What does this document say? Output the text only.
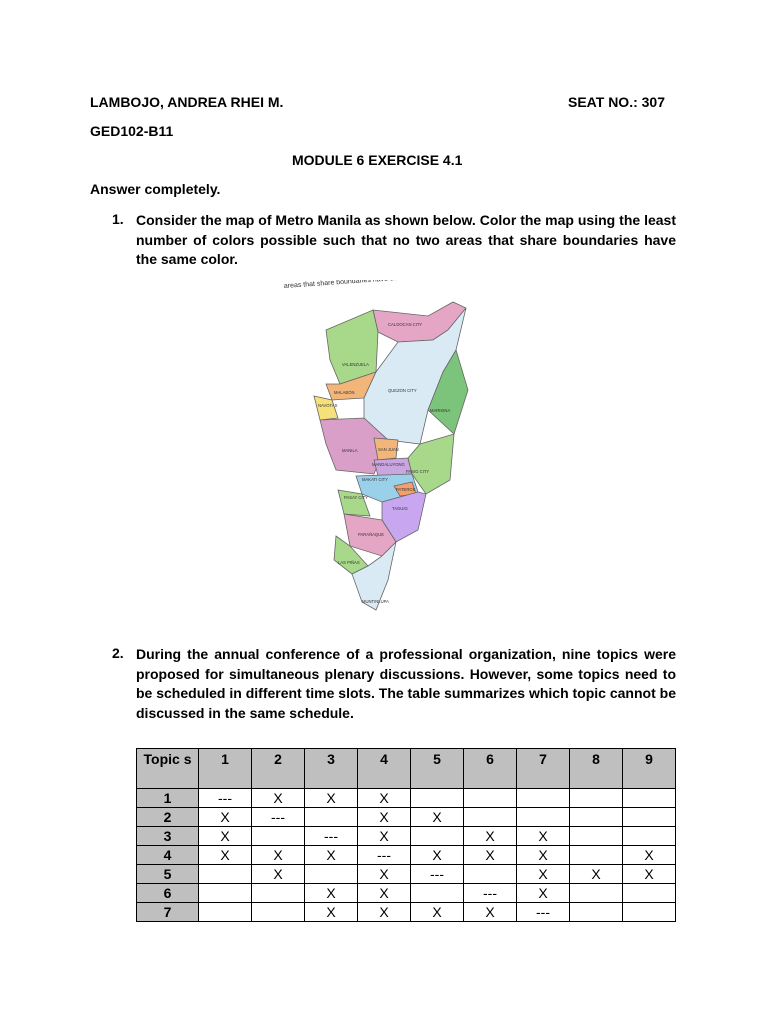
LAMBOJO, ANDREA RHEI M.	SEAT NO.: 307
GED102-B11
MODULE 6 EXERCISE 4.1
Answer completely.
1. Consider the map of Metro Manila as shown below. Color the map using the least number of colors possible such that no two areas that share boundaries have the same color.
areas that share boundaries have the same color.
CALOOCAN CITY
VALENZUELA
MALABON
NAVOTAS
QUEZON CITY
MARIKINA
MANILA	SAN JUAN
MANDALUYONG
PASIG CITY
MAKATI CITY
PATEROS
PASAY CITY
TAGUIG
PARAÑAQUE
LAS PIÑAS
MUNTINLUPA
2. During the annual conference of a professional organization, nine topics were proposed for simultaneous plenary discussions. However, some topics need to be scheduled in different time slots. The table summarizes which topic cannot be discussed in the same schedule.
Topic s	1	2	3	4	5	6	7	8	9
1	---	X	X	X					
2	X	---		X	X				
3	X		---	X		X	X		
4	X	X	X	---	X	X	X		X
5		X		X	---		X	X	X
6			X	X		---	X		
7			X	X	X	X	---		
